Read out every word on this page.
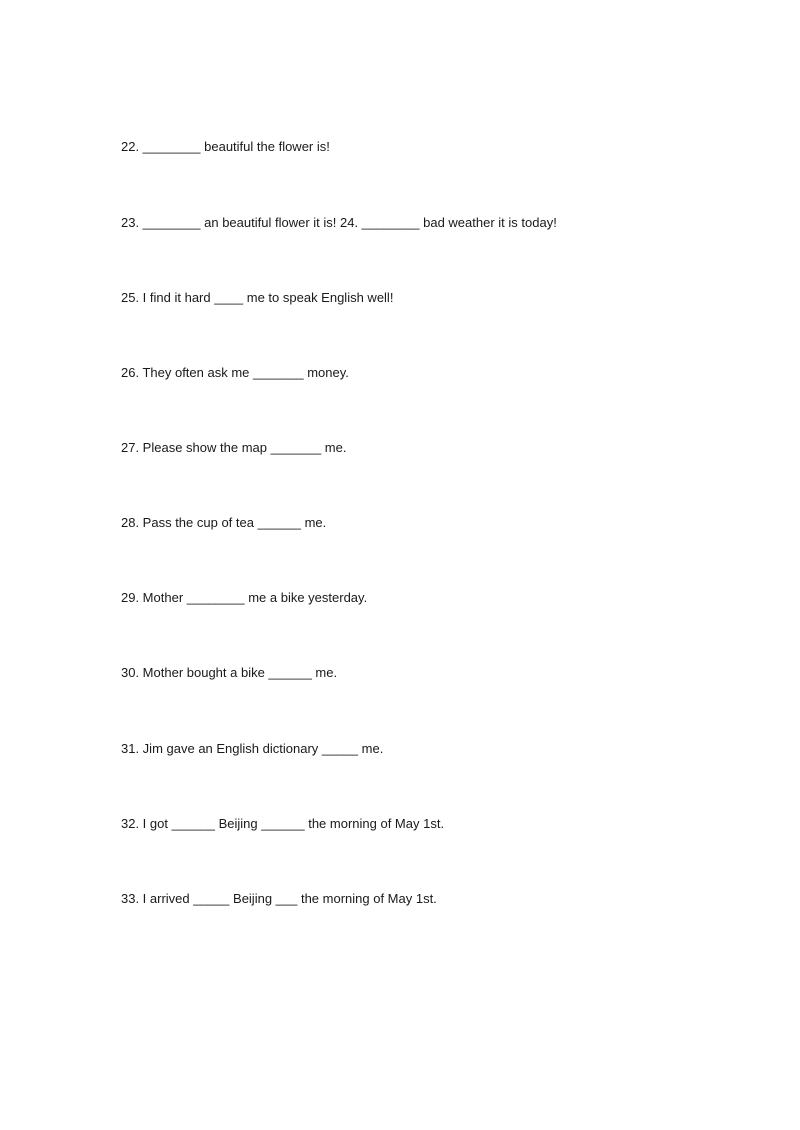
22. ________ beautiful the flower is!
23. ________ an beautiful flower it is! 24. ________ bad weather it is today!
25. I find it hard ____ me to speak English well!
26. They often ask me _______ money.
27. Please show the map _______ me.
28. Pass the cup of tea ______ me.
29. Mother ________ me a bike yesterday.
30. Mother bought a bike ______ me.
31. Jim gave an English dictionary _____ me.
32. I got ______ Beijing ______ the morning of May 1st.
33. I arrived _____ Beijing ___ the morning of May 1st.
